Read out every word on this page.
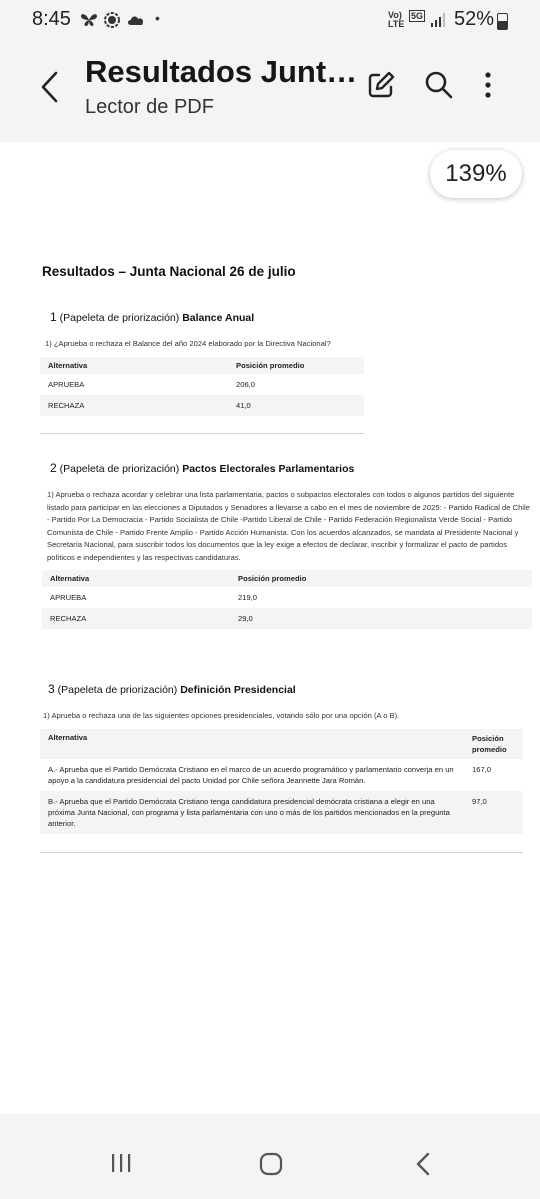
8:45	•	Vo) LTE
5G 52%
Resultados Junt…
Lector de PDF
139%
Resultados – Junta Nacional 26 de julio
1 (Papeleta de priorización) Balance Anual
1) ¿Aprueba o rechaza el Balance del año 2024 elaborado por la Directiva Nacional?
Alternativa	Posición promedio
APRUEBA	206,0
RECHAZA	41,0
2 (Papeleta de priorización) Pactos Electorales Parlamentarios
1) Aprueba o rechaza acordar y celebrar una lista parlamentaria, pactos o subpactos electorales con todos o algunos partidos del siguiente listado para participar en las elecciones a Diputados y Senadores a llevarse a cabo en el mes de noviembre de 2025: - Partido Radical de Chile - Partido Por La Democracia - Partido Socialista de Chile -Partido Liberal de Chile - Partido Federación Regionalista Verde Social - Partido Comunista de Chile - Partido Frente Amplio - Partido Acción Humanista. Con los acuerdos alcanzados, se mandata al Presidente Nacional y Secretaría Nacional, para suscribir todos los documentos que la ley exige a efectos de declarar, inscribir y formalizar el pacto de partidos políticos e independientes y las respectivas candidaturas.
Alternativa	Posición promedio
APRUEBA	219,0
RECHAZA	29,0
3 (Papeleta de priorización) Definición Presidencial
1) Aprueba o rechaza una de las siguientes opciones presidenciales, votando sólo por una opción (A o B).
Alternativa	Posición promedio
A.- Aprueba que el Partido Demócrata Cristiano en el marco de un acuerdo programático y parlamentario converja en un apoyo a la candidatura presidencial del pacto Unidad por Chile señora Jeannette Jara Román.	167,0
B.- Aprueba que el Partido Demócrata Cristiano tenga candidatura presidencial demócrata cristiana a elegir en una próxima Junta Nacional, con programa y lista parlamentaria con uno o más de los partidos mencionados en la pregunta anterior.	97,0
